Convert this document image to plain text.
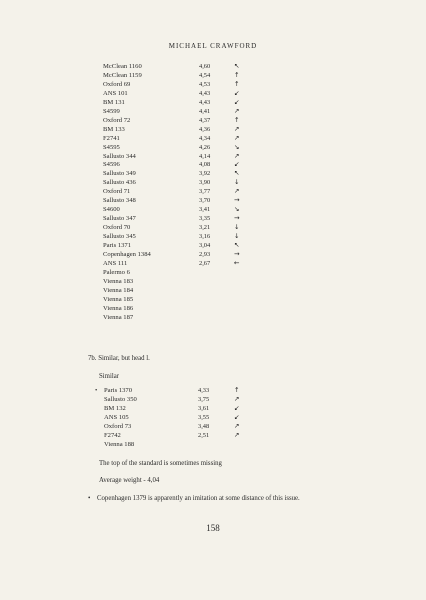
MICHAEL CRAWFORD
McClean 1160	4,60	↖
McClean 1159	4,54	↑
Oxford 69	4,53	↑
ANS 101	4,43	↙
BM 131	4,43	↙
S4599	4,41	↗
Oxford 72	4,37	↑
BM 133	4,36	↗
F2741	4,34	↗
S4595	4,26	↘
Sallusto 344	4,14	↗
S4596	4,08	↙
Sallusto 349	3,92	↖
Sallusto 436	3,90	↓
Oxford 71	3,77	↗
Sallusto 348	3,70	→
S4600	3,41	↘
Sallusto 347	3,35	→
Oxford 70	3,21	↓
Sallusto 345	3,16	↓
Paris 1371	3,04	↖
Copenhagen 1384	2,93	→
ANS 111	2,67	←
Palermo 6
Vienna 183
Vienna 184
Vienna 185
Vienna 186
Vienna 187
7b. Similar, but head l.
Similar
• Paris 1370	4,33	↑
Sallusto 350	3,75	↗
BM 132	3,61	↙
ANS 105	3,55	↙
Oxford 73	3,48	↗
F2742	2,51	↗
Vienna 188
The top of the standard is sometimes missing
Average weight - 4,04
• Copenhagen 1379 is apparently an imitation at some distance of this issue.
158
